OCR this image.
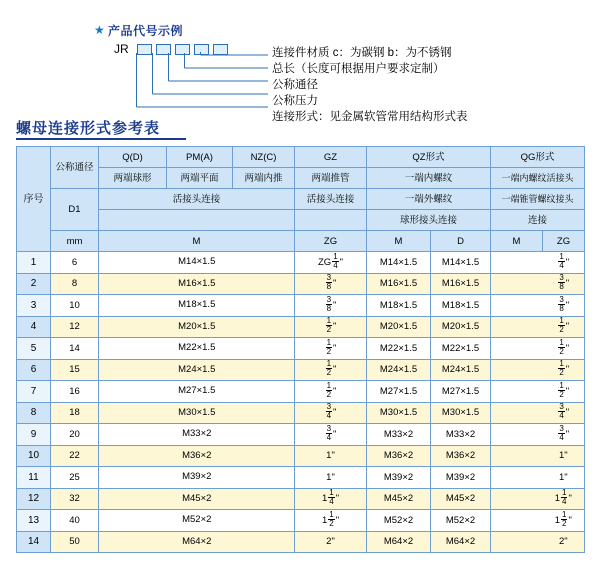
★ 产品代号示例
JR	连接件材质 c：为碳钢 b：为不锈钢
总长（长度可根据用户要求定制）
公称通径
公称压力
连接形式：见金属软管常用结构形式表
螺母连接形式参考表
序号	公称通径	Q(D)	PM(A)	NZ(C)	GZ	QZ形式		QG形式	
		两端球形	两端平面	两端内推	两端推管	一端内螺纹		一端内螺纹活接头	
	D1	活接头连接			活接头连接	一端外螺纹		一端锥管螺纹接头	
						球形接头连接		连接	
	mm	M			ZG	M	D	M	ZG
1	6	M14×1.5			ZG $\frac{1}{4}$ "	M14×1.5	M14×1.5		$\frac{1}{4}$ "
2	8	M16×1.5			$\frac{3}{8}$ "	M16×1.5	M16×1.5		$\frac{3}{8}$ "
3	10	M18×1.5			$\frac{3}{8}$ "	M18×1.5	M18×1.5		$\frac{3}{8}$ "
4	12	M20×1.5			$\frac{1}{2}$ "	M20×1.5	M20×1.5		$\frac{1}{2}$ "
5	14	M22×1.5			$\frac{1}{2}$ "	M22×1.5	M22×1.5		$\frac{1}{2}$ "
6	15	M24×1.5			$\frac{1}{2}$ "	M24×1.5	M24×1.5		$\frac{1}{2}$ "
7	16	M27×1.5			$\frac{1}{2}$ "	M27×1.5	M27×1.5		$\frac{1}{2}$ "
8	18	M30×1.5			$\frac{3}{4}$ "	M30×1.5	M30×1.5		$\frac{3}{4}$ "
9	20	M33×2			$\frac{3}{4}$ "	M33×2	M33×2		$\frac{3}{4}$ "
10	22	M36×2			1"	M36×2	M36×2		1"
11	25	M39×2			1"	M39×2	M39×2		1"
12	32	M45×2			$1 \frac{1}{4}$ "	M45×2	M45×2		$1 \frac{1}{4}$ "
13	40	M52×2			$1 \frac{1}{2}$ "	M52×2	M52×2		$1 \frac{1}{2}$ "
14	50	M64×2			2"	M64×2	M64×2		2"
